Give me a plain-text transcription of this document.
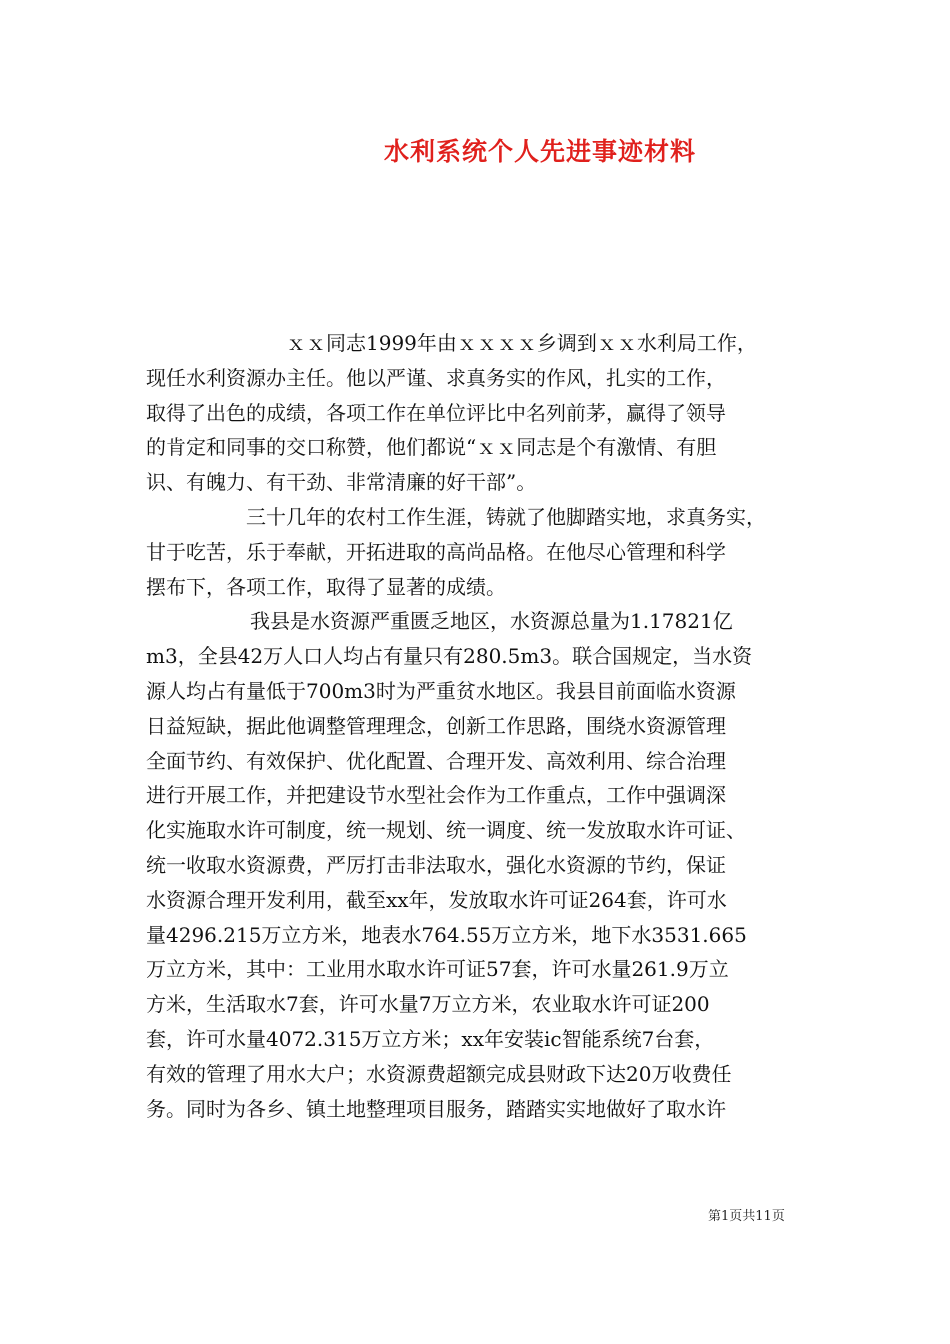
水利系统个人先进事迹材料
ｘｘ同志1999年由ｘｘｘｘ乡调到ｘｘ水利局工作，
现任水利资源办主任。他以严谨、求真务实的作风，扎实的工作，
取得了出色的成绩，各项工作在单位评比中名列前茅，赢得了领导
的肯定和同事的交口称赞，他们都说“ｘｘ同志是个有激情、有胆
识、有魄力、有干劲、非常清廉的好干部”。
三十几年的农村工作生涯，铸就了他脚踏实地，求真务实，
甘于吃苦，乐于奉献，开拓进取的高尚品格。在他尽心管理和科学
摆布下，各项工作，取得了显著的成绩。
我县是水资源严重匮乏地区，水资源总量为1.17821亿
m3，全县42万人口人均占有量只有280.5m3。联合国规定，当水资
源人均占有量低于700m3时为严重贫水地区。我县目前面临水资源
日益短缺，据此他调整管理理念，创新工作思路，围绕水资源管理
全面节约、有效保护、优化配置、合理开发、高效利用、综合治理
进行开展工作，并把建设节水型社会作为工作重点，工作中强调深
化实施取水许可制度，统一规划、统一调度、统一发放取水许可证、
统一收取水资源费，严厉打击非法取水，强化水资源的节约，保证
水资源合理开发利用，截至xx年，发放取水许可证264套，许可水
量4296.215万立方米，地表水764.55万立方米，地下水3531.665
万立方米，其中：工业用水取水许可证57套，许可水量261.9万立
方米，生活取水7套，许可水量7万立方米，农业取水许可证200
套，许可水量4072.315万立方米；xx年安装ic智能系统7台套，
有效的管理了用水大户；水资源费超额完成县财政下达20万收费任
务。同时为各乡、镇土地整理项目服务，踏踏实实地做好了取水许
第1页共11页
